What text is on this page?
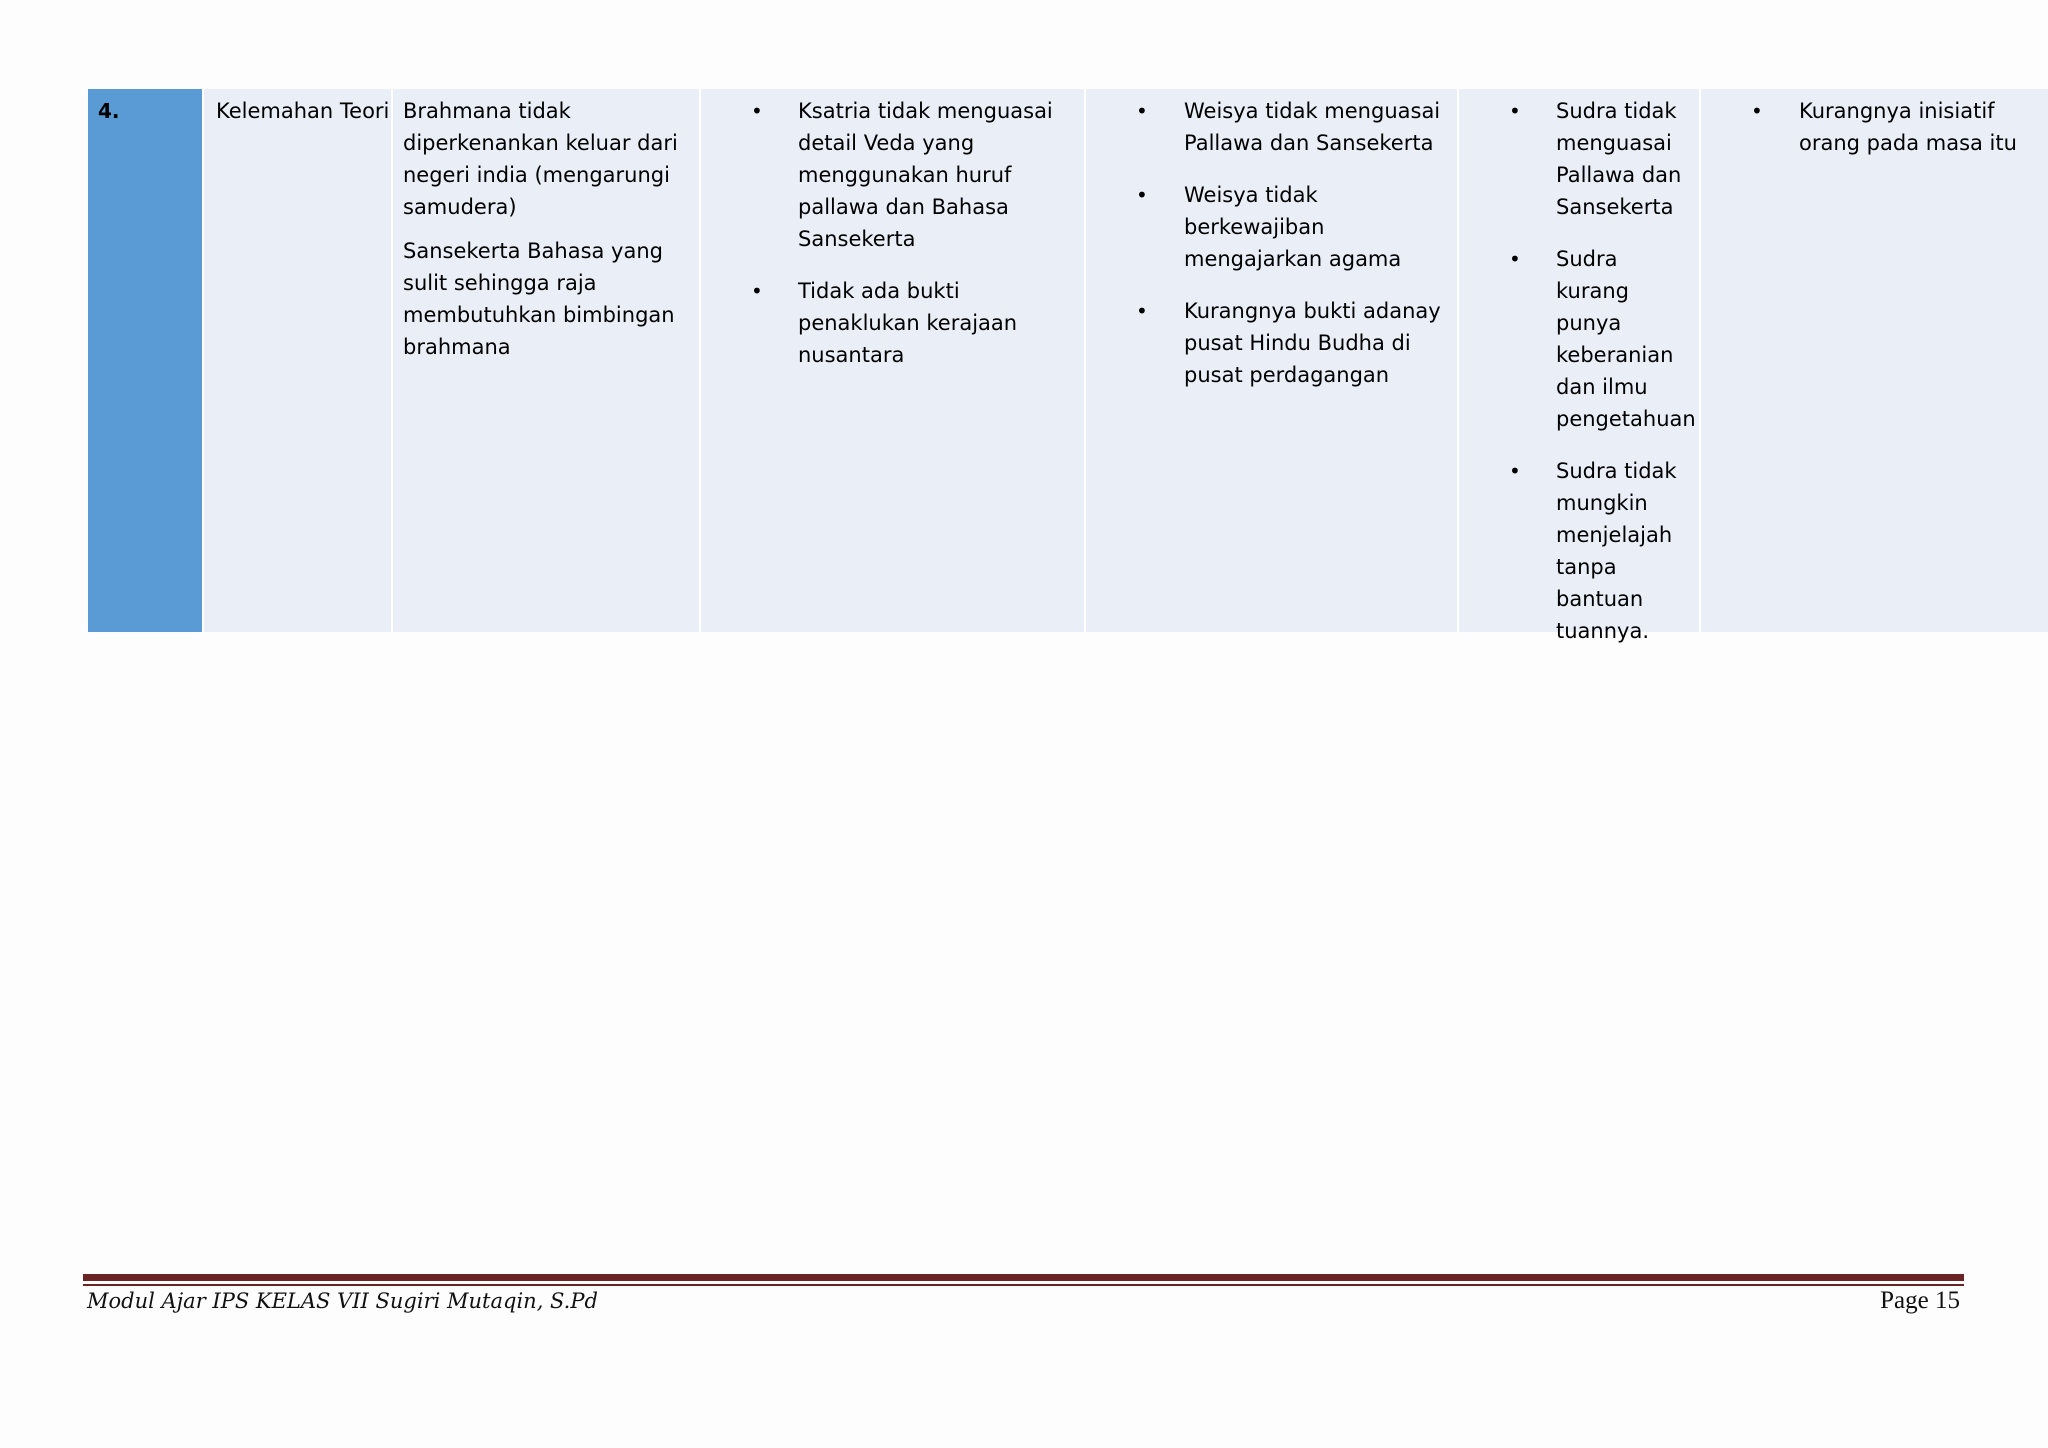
4.	Kelemahan Teori Brahmana tidak diperkenankan keluar dari negeri india (mengarungi samudera)

Sansekerta Bahasa yang sulit sehingga raja membutuhkan bimbingan brahmana

• Ksatria tidak menguasai detail Veda yang menggunakan huruf pallawa dan Bahasa Sansekerta
• Tidak ada bukti penaklukan kerajaan nusantara
• Weisya tidak menguasai Pallawa dan Sansekerta
• Weisya tidak berkewajiban mengajarkan agama
• Kurangnya bukti adanay pusat Hindu Budha di pusat perdagangan
• Sudra tidak menguasai Pallawa dan Sansekerta
• Sudra kurang punya keberanian dan ilmu pengetahuan
• Sudra tidak mungkin menjelajah tanpa bantuan tuannya.
• Kurangnya inisiatif orang pada masa itu
Modul Ajar IPS KELAS VII Sugiri Mutaqin, S.Pd	Page 15
